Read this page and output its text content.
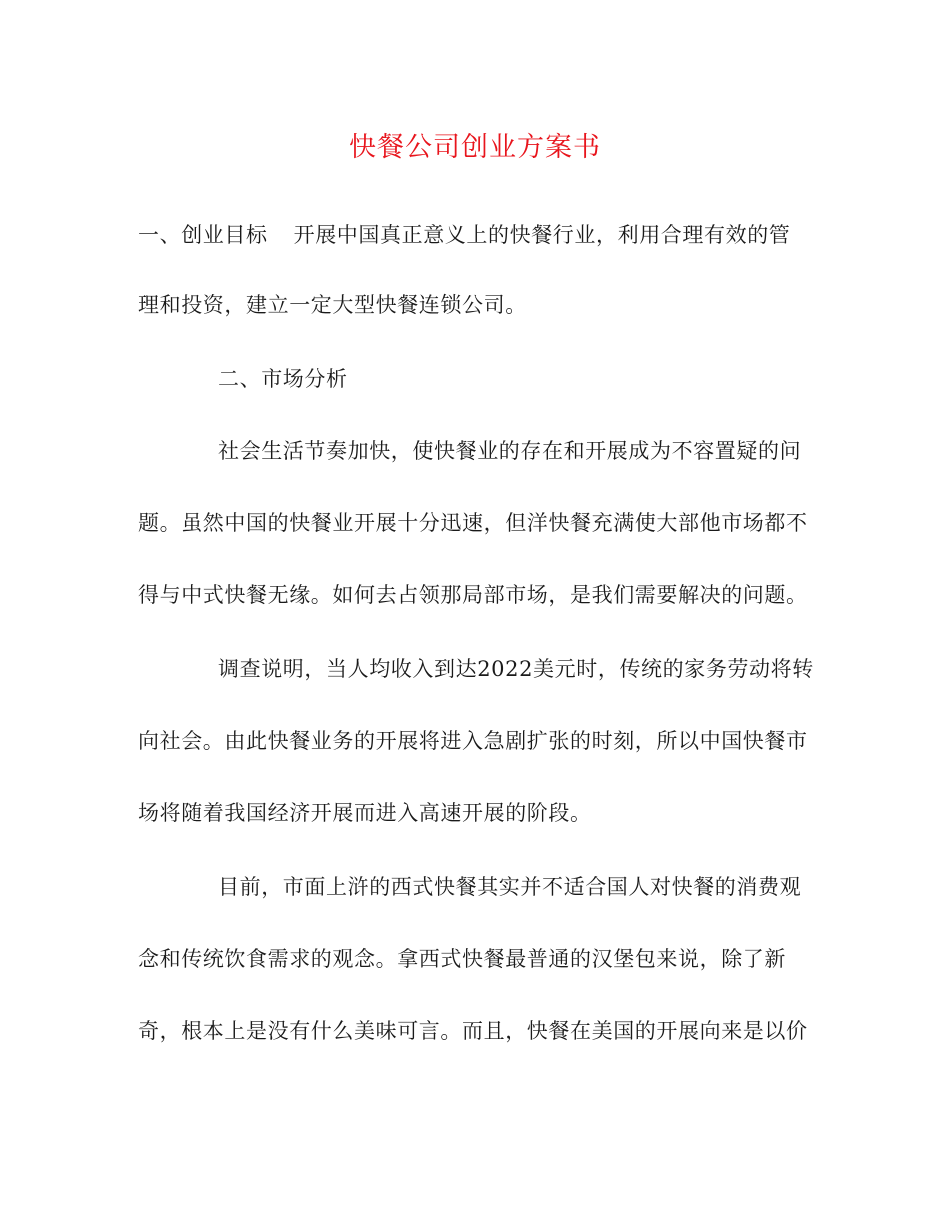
快餐公司创业方案书
一、创业目标 开展中国真正意义上的快餐行业，利用合理有效的管
理和投资，建立一定大型快餐连锁公司。
二、市场分析
社会生活节奏加快，使快餐业的存在和开展成为不容置疑的问
题。虽然中国的快餐业开展十分迅速，但洋快餐充满使大部他市场都不
得与中式快餐无缘。如何去占领那局部市场，是我们需要解决的问题。
调查说明，当人均收入到达2022美元时，传统的家务劳动将转
向社会。由此快餐业务的开展将进入急剧扩张的时刻，所以中国快餐市
场将随着我国经济开展而进入高速开展的阶段。
目前，市面上浒的西式快餐其实并不适合国人对快餐的消费观
念和传统饮食需求的观念。拿西式快餐最普通的汉堡包来说，除了新
奇，根本上是没有什么美味可言。而且，快餐在美国的开展向来是以价
